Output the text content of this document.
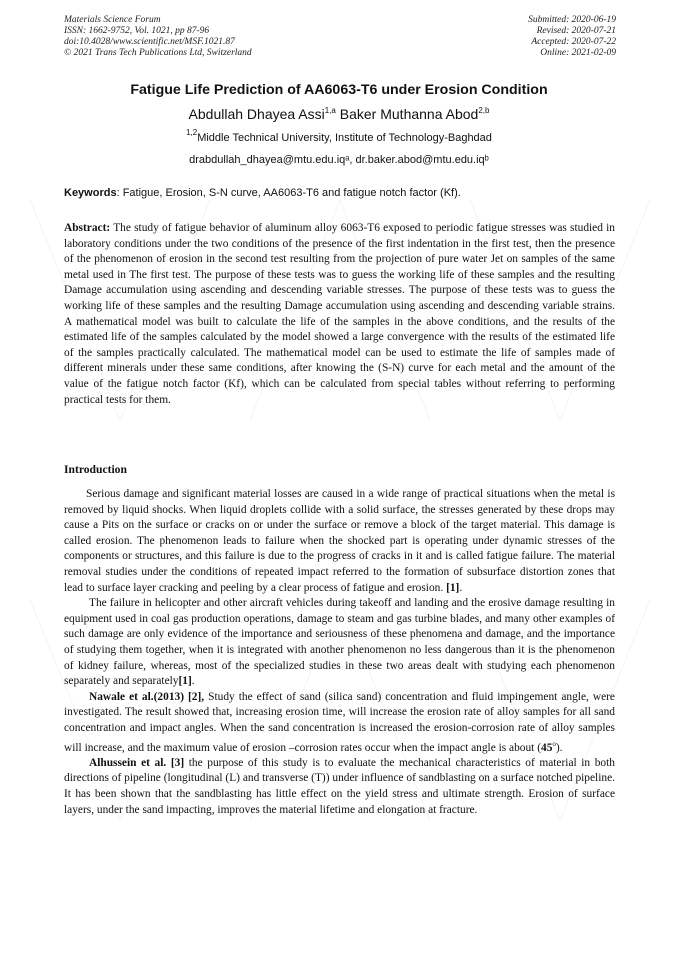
Materials Science Forum
ISSN: 1662-9752, Vol. 1021, pp 87-96
doi:10.4028/www.scientific.net/MSF.1021.87
© 2021 Trans Tech Publications Ltd, Switzerland
Submitted: 2020-06-19
Revised: 2020-07-21
Accepted: 2020-07-22
Online: 2021-02-09
Fatigue Life Prediction of AA6063-T6 under Erosion Condition
Abdullah Dhayea Assi$^{1,a}$ Baker Muthanna Abod$^{2,b}$
$^{1,2}$Middle Technical University, Institute of Technology-Baghdad
drabdullah_dhayea@mtu.edu.iqᵃ, dr.baker.abod@mtu.edu.iqᵇ
Keywords: Fatigue, Erosion, S-N curve, AA6063-T6 and fatigue notch factor (Kf).

Abstract: The study of fatigue behavior of aluminum alloy 6063-T6 exposed to periodic fatigue stresses was studied in laboratory conditions under the two conditions of the presence of the first indentation in the first test, then the presence of the phenomenon of erosion in the second test resulting from the projection of pure water Jet on samples of the same metal used in The first test. The purpose of these tests was to guess the working life of these samples and the resulting Damage accumulation using ascending and descending variable stresses. The purpose of these tests was to guess the working life of these samples and the resulting Damage accumulation using ascending and descending variable strains. A mathematical model was built to calculate the life of the samples in the above conditions, and the results of the estimated life of the samples calculated by the model showed a large convergence with the results of the estimated life of the samples practically calculated. The mathematical model can be used to estimate the life of samples made of different minerals under these same conditions, after knowing the (S-N) curve for each metal and the amount of the value of the fatigue notch factor (Kf), which can be calculated from special tables without referring to performing practical tests for them.

Introduction

Serious damage and significant material losses are caused in a wide range of practical situations when the metal is removed by liquid shocks. When liquid droplets collide with a solid surface, the stresses generated by these drops may cause a Pits on the surface or cracks on or under the surface or remove a block of the target material. This damage is called erosion. The phenomenon leads to failure when the shocked part is operating under dynamic stresses of the components or structures, and this failure is due to the progress of cracks in it and is called fatigue failure. The material removal studies under the conditions of repeated impact referred to the formation of subsurface distortion zones that lead to surface layer cracking and peeling by a clear process of fatigue and erosion. [1].

The failure in helicopter and other aircraft vehicles during takeoff and landing and the erosive damage resulting in equipment used in coal gas production operations, damage to steam and gas turbine blades, and many other examples of such damage are only evidence of the importance and seriousness of these phenomena and damage, and the importance of studying them together, when it is integrated with another phenomenon no less dangerous than it is the phenomenon of kidney failure, whereas, most of the specialized studies in these two areas dealt with studying each phenomenon separately and separately[1].

Nawale et al.(2013) [2], Study the effect of sand (silica sand) concentration and fluid impingement angle, were investigated. The result showed that, increasing erosion time, will increase the erosion rate of alloy samples for all sand concentration and impact angles. When the sand concentration is increased the erosion-corrosion rate of alloy samples will increase, and the maximum value of erosion –corrosion rates occur when the impact angle is about (45$^o$).

Alhussein et al. [3] the purpose of this study is to evaluate the mechanical characteristics of material in both directions of pipeline (longitudinal (L) and transverse (T)) under influence of sandblasting on a surface notched pipeline. It has been shown that the sandblasting has little effect on the yield stress and ultimate strength. Erosion of surface layers, under the sand impacting, improves the material lifetime and elongation at fracture.
